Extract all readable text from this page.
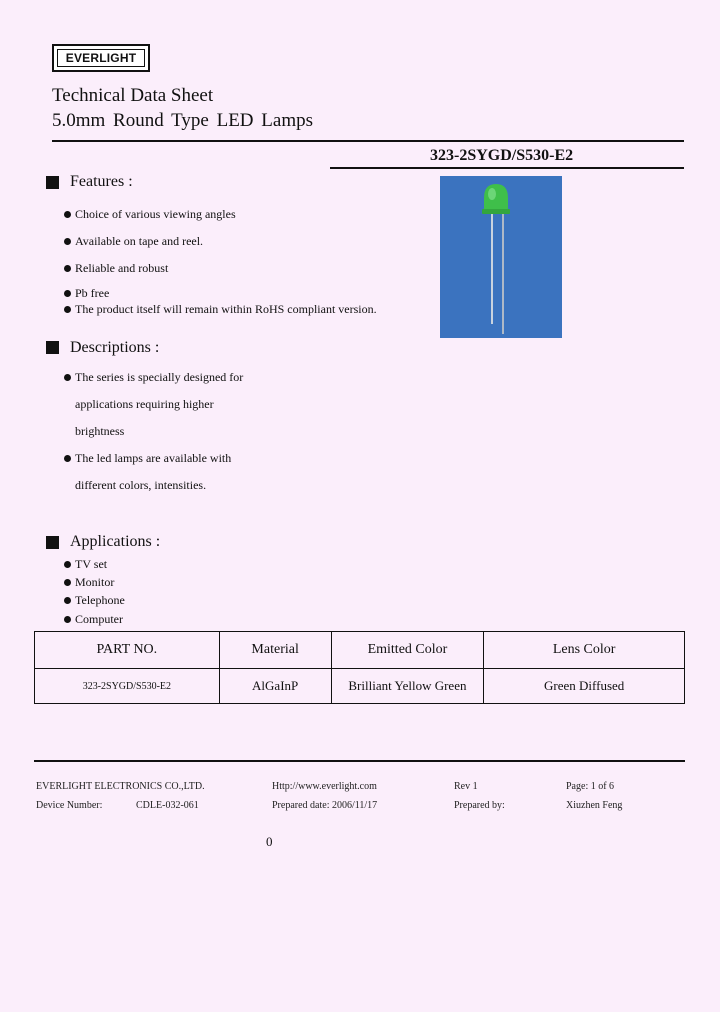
EVERLIGHT
Technical Data Sheet
5.0mm Round Type LED Lamps
323-2SYGD/S530-E2
Features :
Choice of various viewing angles
Available on tape and reel.
Reliable and robust
Pb free
The product itself will remain within RoHS compliant version.
Descriptions :
The series is specially designed for
applications requiring higher
brightness
The led lamps are available with
different colors, intensities.
Applications :
TV set
Monitor
Telephone
Computer
PART NO.	Material	Emitted Color	Lens Color
323-2SYGD/S530-E2	AlGaInP	Brilliant Yellow Green	Green Diffused
EVERLIGHT ELECTRONICS CO.,LTD.	Http://www.everlight.com	Rev 1	Page: 1 of 6
Device Number:	CDLE-032-061	Prepared date: 2006/11/17	Prepared by:	Xiuzhen Feng
0
